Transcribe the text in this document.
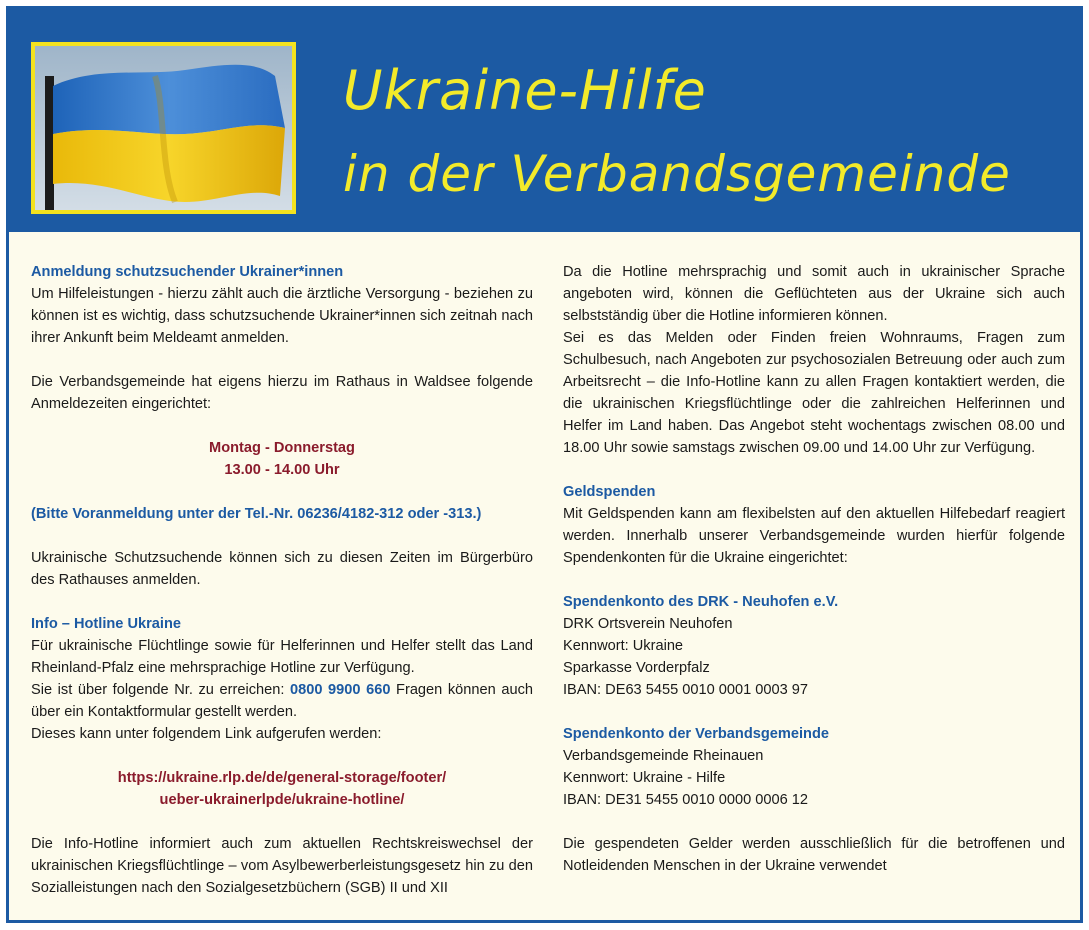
Ukraine-Hilfe
in der Verbandsgemeinde

Anmeldung schutzsuchender Ukrainer*innen

Um Hilfeleistungen - hierzu zählt auch die ärztliche Versorgung - beziehen zu können ist es wichtig, dass schutzsuchende Ukrainer*innen sich zeitnah nach ihrer Ankunft beim Meldeamt anmelden.

Die Verbandsgemeinde hat eigens hierzu im Rathaus in Waldsee folgende Anmeldezeiten eingerichtet:

Montag - Donnerstag

13.00 - 14.00 Uhr

(Bitte Voranmeldung unter der Tel.-Nr. 06236/4182-312 oder -313.)

Ukrainische Schutzsuchende können sich zu diesen Zeiten im Bürgerbüro des Rathauses anmelden.

Info – Hotline Ukraine

Für ukrainische Flüchtlinge sowie für Helferinnen und Helfer stellt das Land Rheinland-Pfalz eine mehrsprachige Hotline zur Verfügung.

Sie ist über folgende Nr. zu erreichen: 0800 9900 660 Fragen können auch über ein Kontaktformular gestellt werden.

Dieses kann unter folgendem Link aufgerufen werden:

https://ukraine.rlp.de/de/general-storage/footer/

ueber-ukrainerlpde/ukraine-hotline/

Die Info-Hotline informiert auch zum aktuellen Rechtskreiswechsel der ukrainischen Kriegsflüchtlinge – vom Asylbewerberleistungsgesetz hin zu den Sozialleistungen nach den Sozialgesetzbüchern (SGB) II und XII

Da die Hotline mehrsprachig und somit auch in ukrainischer Sprache angeboten wird, können die Geflüchteten aus der Ukraine sich auch selbstständig über die Hotline informieren können.

Sei es das Melden oder Finden freien Wohnraums, Fragen zum Schulbesuch, nach Angeboten zur psychosozialen Betreuung oder auch zum Arbeitsrecht – die Info-Hotline kann zu allen Fragen kontaktiert werden, die die ukrainischen Kriegsflüchtlinge oder die zahlreichen Helferinnen und Helfer im Land haben. Das Angebot steht wochentags zwischen 08.00 und 18.00 Uhr sowie samstags zwischen 09.00 und 14.00 Uhr zur Verfügung.

Geldspenden

Mit Geldspenden kann am flexibelsten auf den aktuellen Hilfebedarf reagiert werden. Innerhalb unserer Verbandsgemeinde wurden hierfür folgende Spendenkonten für die Ukraine eingerichtet:

Spendenkonto des DRK - Neuhofen e.V.

DRK Ortsverein Neuhofen

Kennwort: Ukraine

Sparkasse Vorderpfalz

IBAN: DE63 5455 0010 0001 0003 97

Spendenkonto der Verbandsgemeinde

Verbandsgemeinde Rheinauen

Kennwort: Ukraine - Hilfe

IBAN: DE31 5455 0010 0000 0006 12

Die gespendeten Gelder werden ausschließlich für die betroffenen und Notleidenden Menschen in der Ukraine verwendet
